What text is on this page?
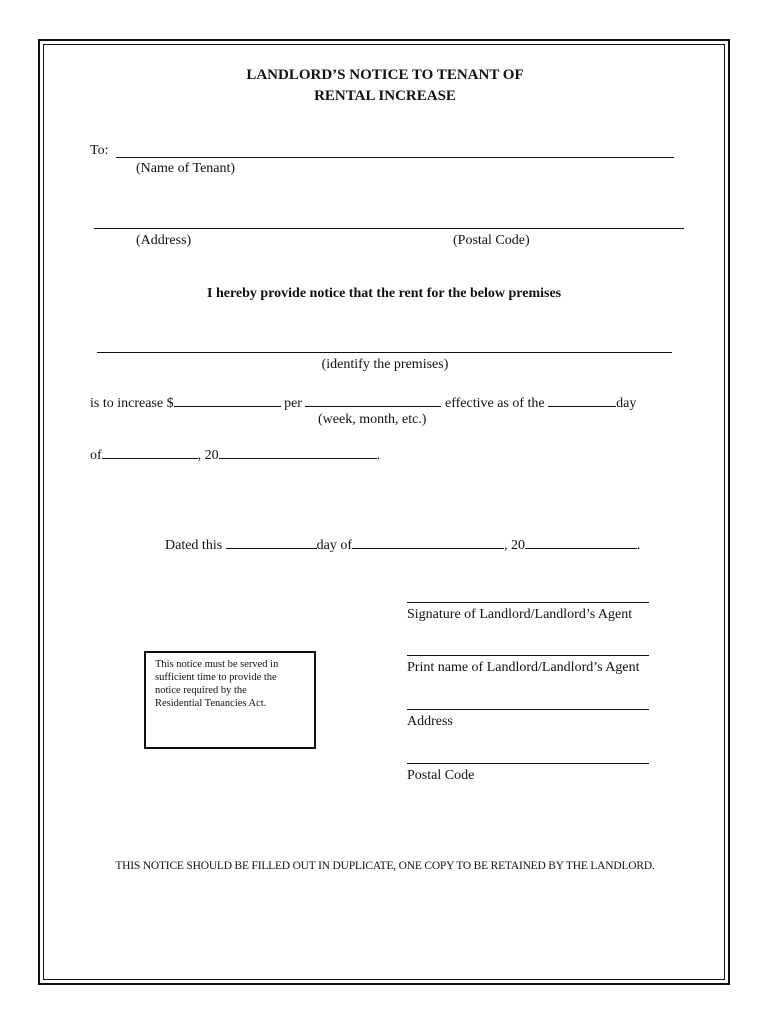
LANDLORD’S NOTICE TO TENANT OF
RENTAL INCREASE
To:
(Name of Tenant)
(Address)	(Postal Code)
I hereby provide notice that the rent for the below premises
(identify the premises)
is to increase $	per	effective as of the	day
(week, month, etc.)
of	, 20	.
Dated this	day of	, 20	.
Signature of Landlord/Landlord’s Agent
Print name of Landlord/Landlord’s Agent
Address
Postal Code
This notice must be served in
sufficient time to provide the
notice required by the
Residential Tenancies Act.
THIS NOTICE SHOULD BE FILLED OUT IN DUPLICATE, ONE COPY TO BE RETAINED BY THE LANDLORD.
